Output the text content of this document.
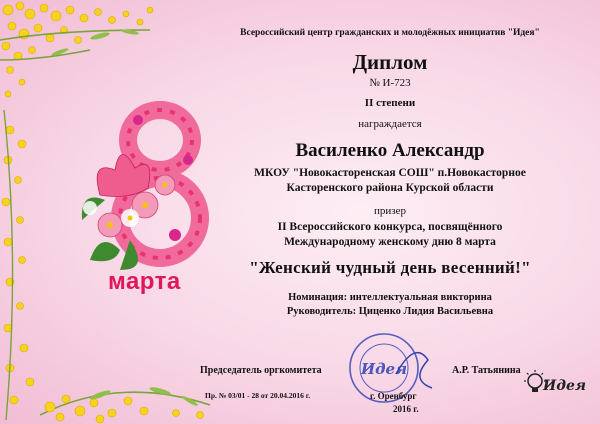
марта
Всероссийский центр гражданских и молодёжных инициатив "Идея"
Диплом
№ И-723
II степени
награждается
Василенко Александр
МКОУ "Новокасторенская СОШ" п.Новокасторное
Касторенского района Курской области
призер
II Всероссийского конкурса, посвящённого
Международному женскому дню 8 марта
"Женский чудный день весенний!"
Номинация: интеллектуальная викторина
Руководитель: Циценко Лидия Васильевна
Идея
Председатель оргкомитета	А.Р. Татьянина
Пр. № 03/01 - 28 от 20.04.2016 г.	г. Оренбург
2016 г.
Идея
